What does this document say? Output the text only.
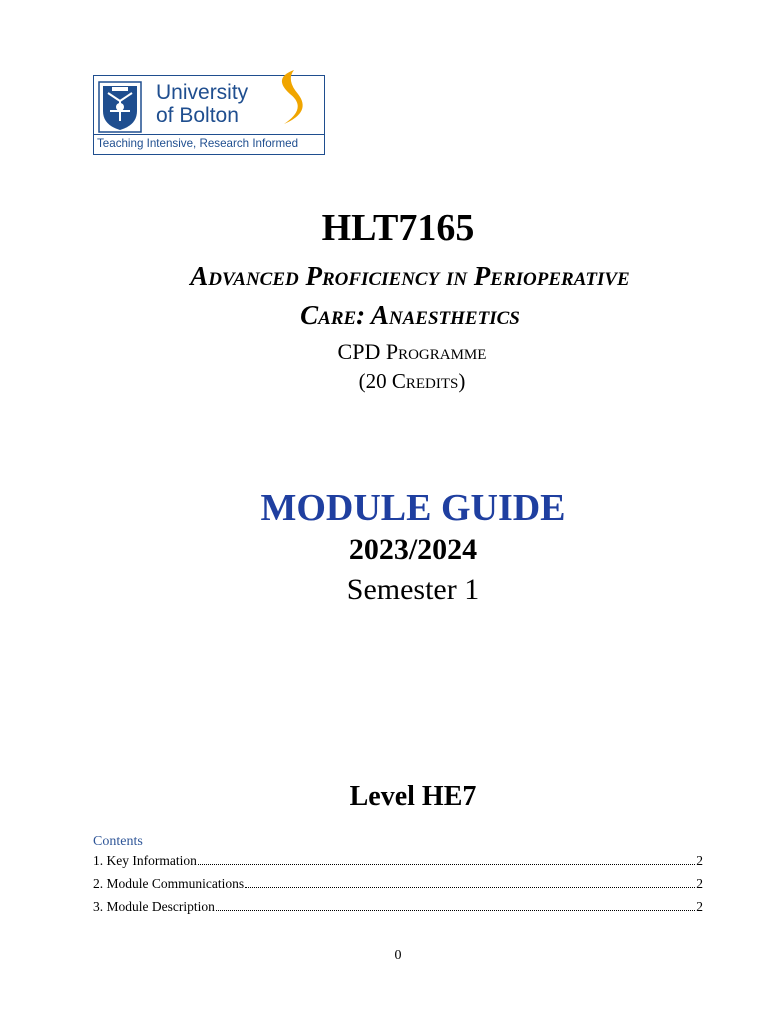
University
of Bolton
Teaching Intensive, Research Informed
HLT7165
Advanced Proficiency in Perioperative
Care: Anaesthetics
CPD Programme
(20 Credits)
MODULE GUIDE
2023/2024
Semester 1
Level HE7
Contents
1. Key Information	2
2. Module Communications	2
3. Module Description	2
0
